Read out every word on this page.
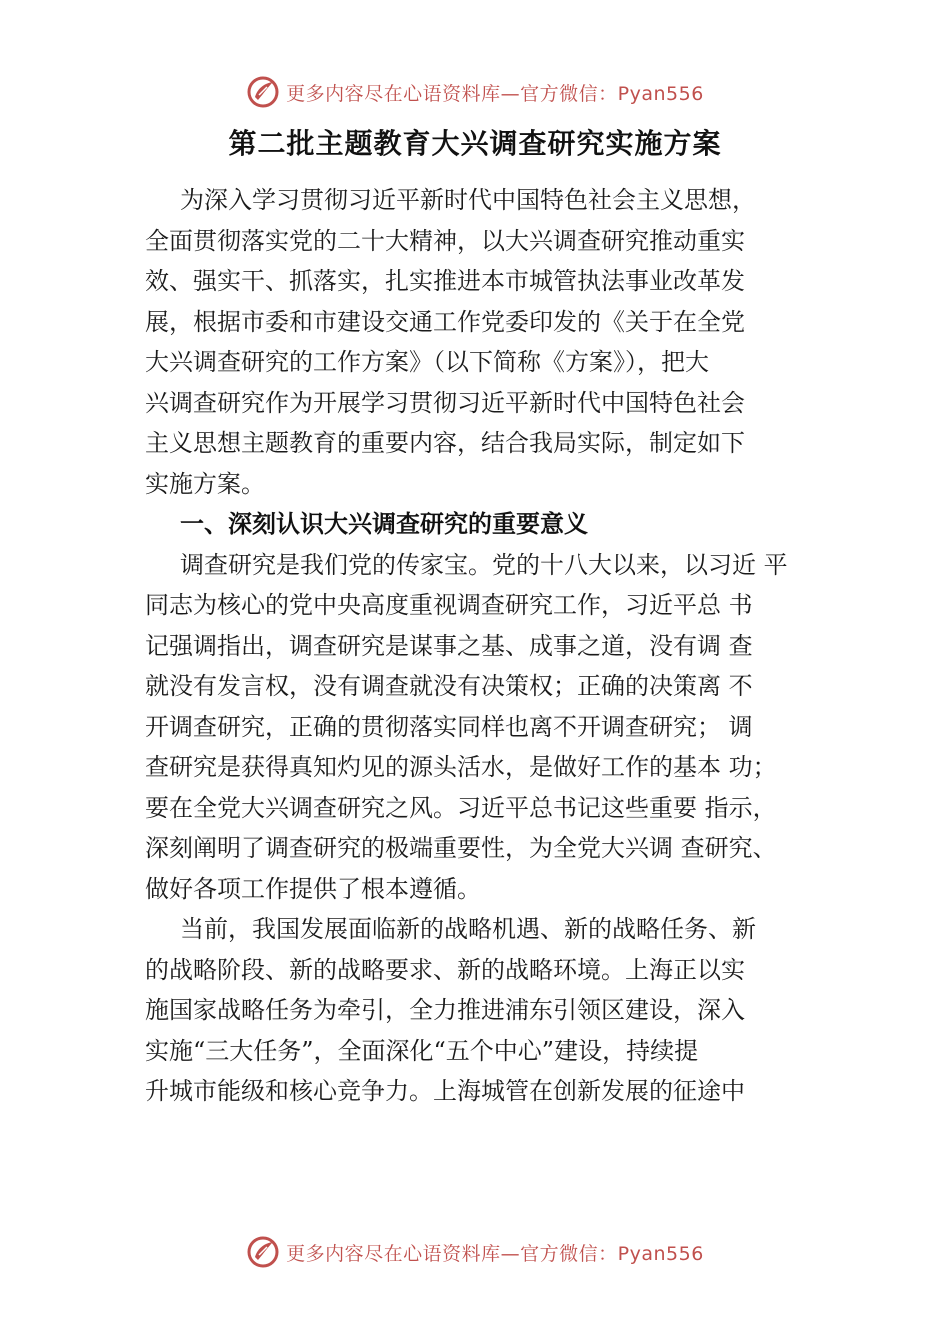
更多内容尽在心语资料库—官方微信：Pyan556
第二批主题教育大兴调查研究实施方案
为深入学习贯彻习近平新时代中国特色社会主义思想，
全面贯彻落实党的二十大精神，以大兴调查研究推动重实
效、强实干、抓落实，扎实推进本市城管执法事业改革发
展，根据市委和市建设交通工作党委印发的《关于在全党
大兴调查研究的工作方案》（以下简称《方案》），把大
兴调查研究作为开展学习贯彻习近平新时代中国特色社会
主义思想主题教育的重要内容，结合我局实际，制定如下
实施方案。
一、深刻认识大兴调查研究的重要意义
调查研究是我们党的传家宝。党的十八大以来，以习近 平
同志为核心的党中央高度重视调查研究工作，习近平总 书
记强调指出，调查研究是谋事之基、成事之道，没有调 查
就没有发言权，没有调查就没有决策权；正确的决策离 不
开调查研究，正确的贯彻落实同样也离不开调查研究； 调
查研究是获得真知灼见的源头活水，是做好工作的基本 功；
要在全党大兴调查研究之风。习近平总书记这些重要 指示，
深刻阐明了调查研究的极端重要性，为全党大兴调 查研究、
做好各项工作提供了根本遵循。
当前，我国发展面临新的战略机遇、新的战略任务、新
的战略阶段、新的战略要求、新的战略环境。上海正以实
施国家战略任务为牵引，全力推进浦东引领区建设，深入
实施“三大任务”，全面深化“五个中心”建设，持续提
升城市能级和核心竞争力。上海城管在创新发展的征途中
更多内容尽在心语资料库—官方微信：Pyan556
